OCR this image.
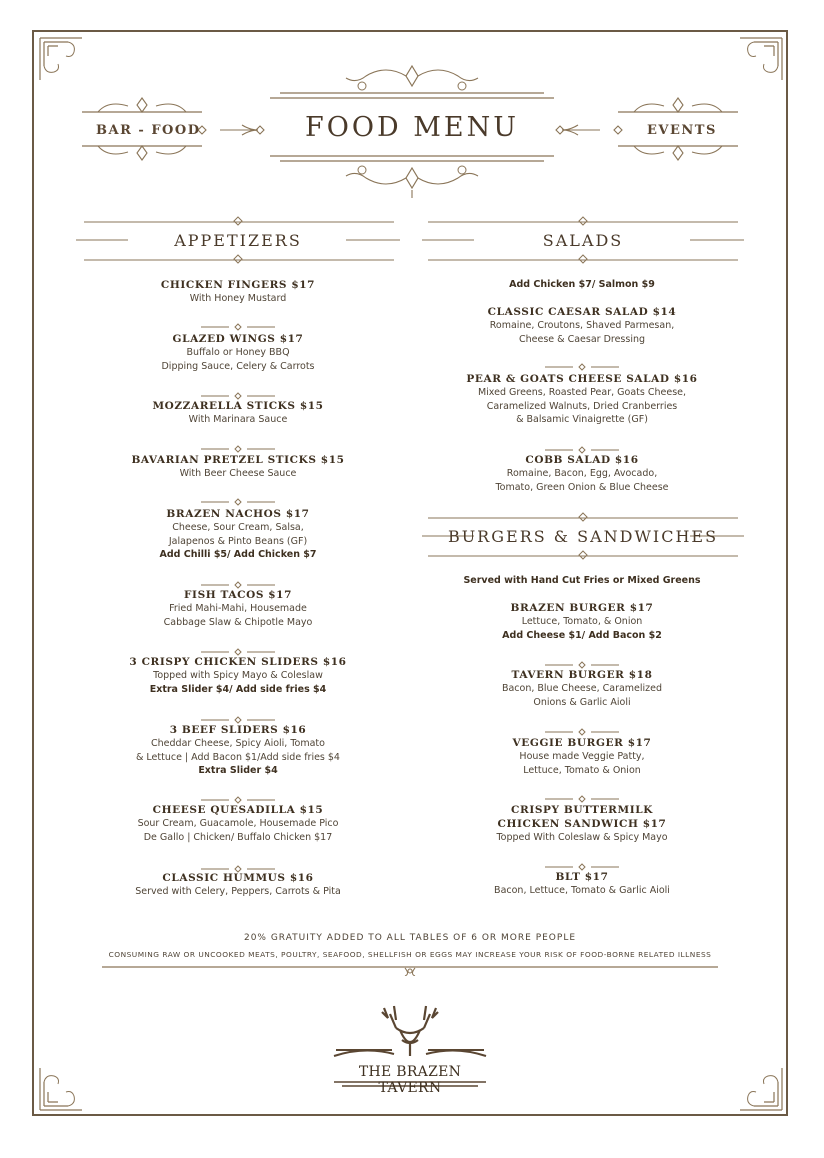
BAR - FOOD	EVENTS
FOOD MENU
APPETIZERS	SALADS
BURGERS & SANDWICHES
Add Chicken $7/ Salmon $9
Served with Hand Cut Fries or Mixed Greens
CHICKEN FINGERS $17
With Honey Mustard
GLAZED WINGS $17
Buffalo or Honey BBQ
Dipping Sauce, Celery & Carrots
MOZZARELLA STICKS $15
With Marinara Sauce
BAVARIAN PRETZEL STICKS $15
With Beer Cheese Sauce
BRAZEN NACHOS $17
Cheese, Sour Cream, Salsa,
Jalapenos & Pinto Beans (GF)
Add Chilli $5/ Add Chicken $7
FISH TACOS $17
Fried Mahi-Mahi, Housemade
Cabbage Slaw & Chipotle Mayo
3 CRISPY CHICKEN SLIDERS $16
Topped with Spicy Mayo & Coleslaw
Extra Slider $4/ Add side fries $4
3 BEEF SLIDERS $16
Cheddar Cheese, Spicy Aioli, Tomato
& Lettuce | Add Bacon $1/Add side fries $4
Extra Slider $4
CHEESE QUESADILLA $15
Sour Cream, Guacamole, Housemade Pico
De Gallo | Chicken/ Buffalo Chicken $17
CLASSIC HUMMUS $16
Served with Celery, Peppers, Carrots & Pita
CLASSIC CAESAR SALAD $14
Romaine, Croutons, Shaved Parmesan,
Cheese & Caesar Dressing
PEAR & GOATS CHEESE SALAD $16
Mixed Greens, Roasted Pear, Goats Cheese,
Caramelized Walnuts, Dried Cranberries
& Balsamic Vinaigrette (GF)
COBB SALAD $16
Romaine, Bacon, Egg, Avocado,
Tomato, Green Onion & Blue Cheese
BRAZEN BURGER $17
Lettuce, Tomato, & Onion
Add Cheese $1/ Add Bacon $2
TAVERN BURGER $18
Bacon, Blue Cheese, Caramelized
Onions & Garlic Aioli
VEGGIE BURGER $17
House made Veggie Patty,
Lettuce, Tomato & Onion
CRISPY BUTTERMILK
CHICKEN SANDWICH $17
Topped With Coleslaw & Spicy Mayo
BLT $17
Bacon, Lettuce, Tomato & Garlic Aioli
20% GRATUITY ADDED TO ALL TABLES OF 6 OR MORE PEOPLE
CONSUMING RAW OR UNCOOKED MEATS, POULTRY, SEAFOOD, SHELLFISH OR EGGS MAY INCREASE YOUR RISK OF FOOD-BORNE RELATED ILLNESS
THE BRAZEN TAVERN
